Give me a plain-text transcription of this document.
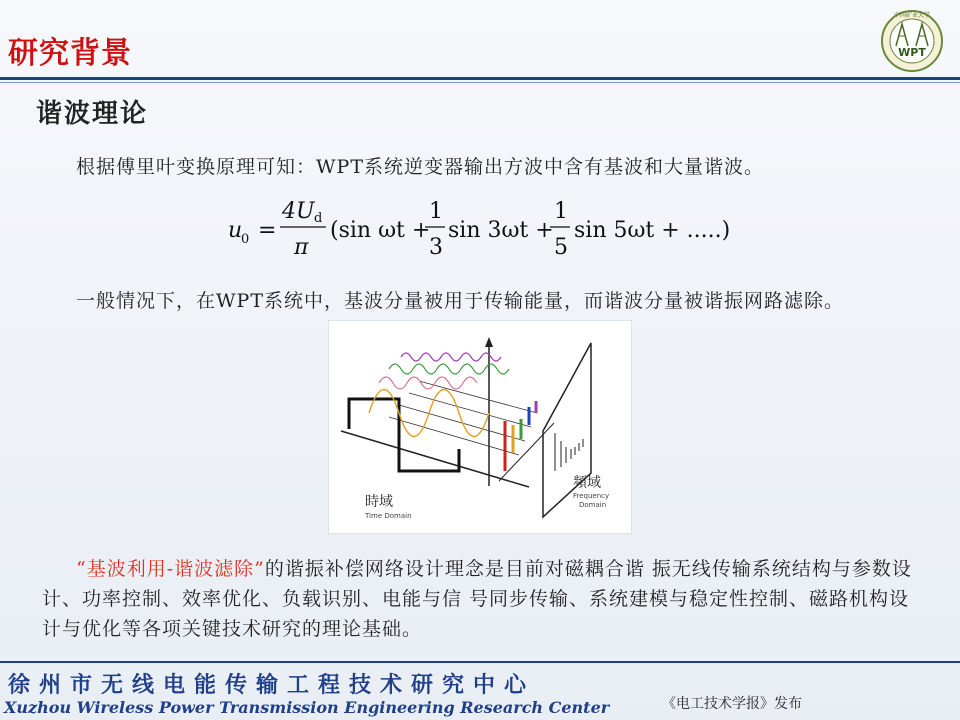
研究背景	WPT
中国矿业大学
谐波理论
根据傅里叶变换原理可知：WPT系统逆变器输出方波中含有基波和大量谐波。
u
0 =
4U d
π
(sin ωt +
1
3
sin 3ωt +
1
5
sin 5ωt + .....)
一般情况下，在WPT系统中，基波分量被用于传输能量，而谐波分量被谐振网路滤除。
時域
Time Domain
頻域
Frequency
Domain
“基波利用-谐波滤除”的谐振补偿网络设计理念是目前对磁耦合谐 振无线传输系统结构与参数设计、功率控制、效率优化、负载识别、电能与信 号同步传输、系统建模与稳定性控制、磁路机构设计与优化等各项关键技术研究的理论基础。
徐州市无线电能传输工程技术研究中心
Xuzhou Wireless Power Transmission Engineering Research Center	《电工技术学报》发布
